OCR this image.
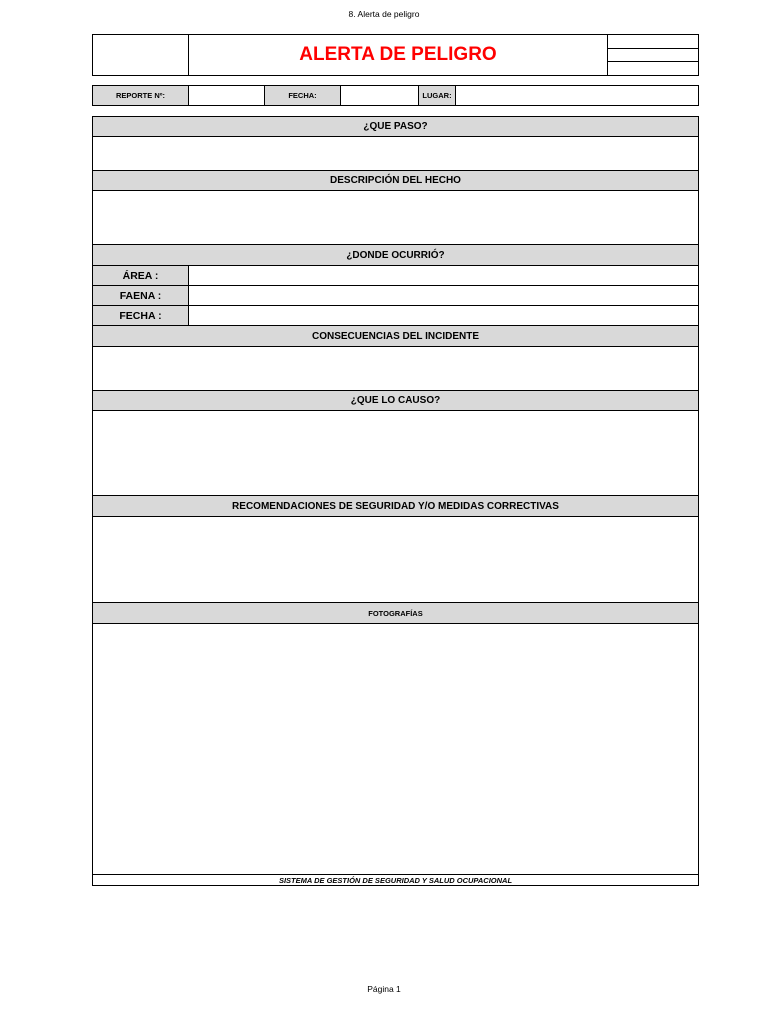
8. Alerta de peligro
ALERTA DE PELIGRO
REPORTE Nº:	FECHA:	LUGAR:
¿QUE PASO?
DESCRIPCIÓN DEL HECHO
¿DONDE OCURRIÓ?
ÁREA :
FAENA :
FECHA :
CONSECUENCIAS DEL INCIDENTE
¿QUE LO CAUSO?
RECOMENDACIONES DE SEGURIDAD Y/O MEDIDAS CORRECTIVAS
FOTOGRAFÍAS
SISTEMA DE GESTIÓN DE SEGURIDAD Y SALUD OCUPACIONAL
Página 1
